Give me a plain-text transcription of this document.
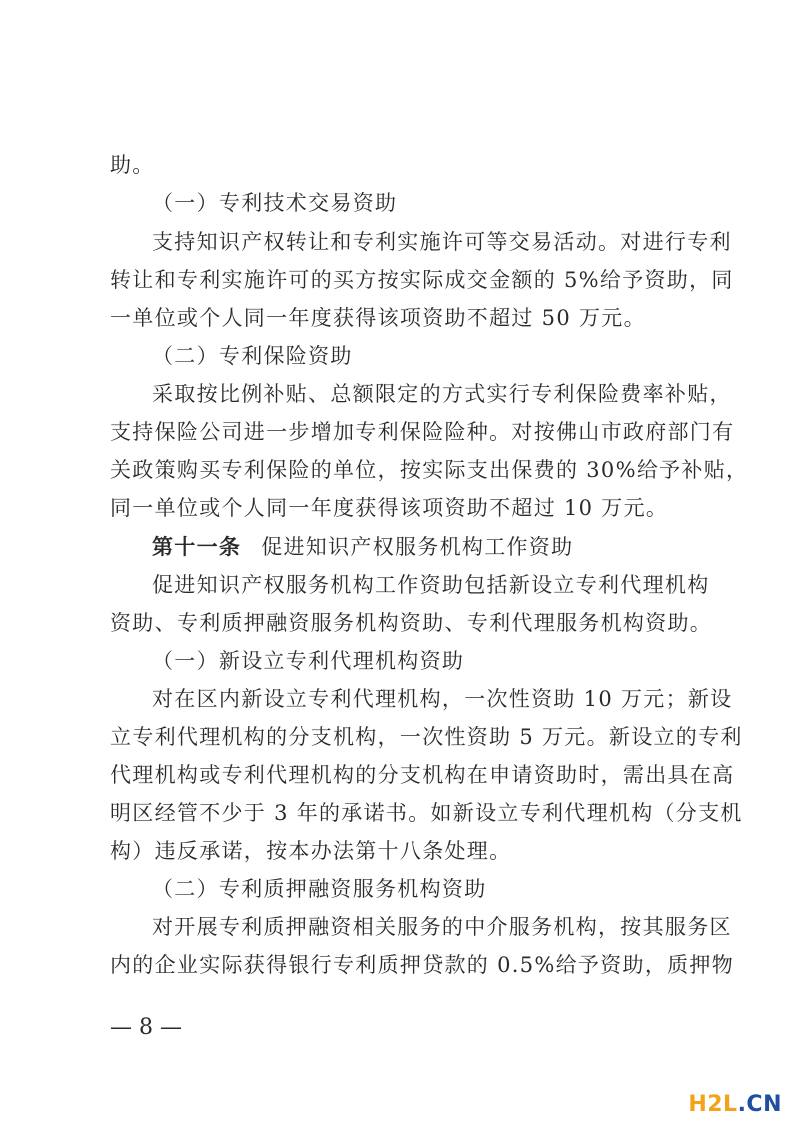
助。
（一）专利技术交易资助
支持知识产权转让和专利实施许可等交易活动。对进行专利
转让和专利实施许可的买方按实际成交金额的 5%给予资助，同
一单位或个人同一年度获得该项资助不超过 50 万元。
（二）专利保险资助
采取按比例补贴、总额限定的方式实行专利保险费率补贴，
支持保险公司进一步增加专利保险险种。对按佛山市政府部门有
关政策购买专利保险的单位，按实际支出保费的 30%给予补贴，
同一单位或个人同一年度获得该项资助不超过 10 万元。
第十一条 促进知识产权服务机构工作资助
促进知识产权服务机构工作资助包括新设立专利代理机构
资助、专利质押融资服务机构资助、专利代理服务机构资助。
（一）新设立专利代理机构资助
对在区内新设立专利代理机构，一次性资助 10 万元；新设
立专利代理机构的分支机构，一次性资助 5 万元。新设立的专利
代理机构或专利代理机构的分支机构在申请资助时，需出具在高
明区经管不少于 3 年的承诺书。如新设立专利代理机构（分支机
构）违反承诺，按本办法第十八条处理。
（二）专利质押融资服务机构资助
对开展专利质押融资相关服务的中介服务机构，按其服务区
内的企业实际获得银行专利质押贷款的 0.5%给予资助，质押物
— 8 —
H2L.CN
